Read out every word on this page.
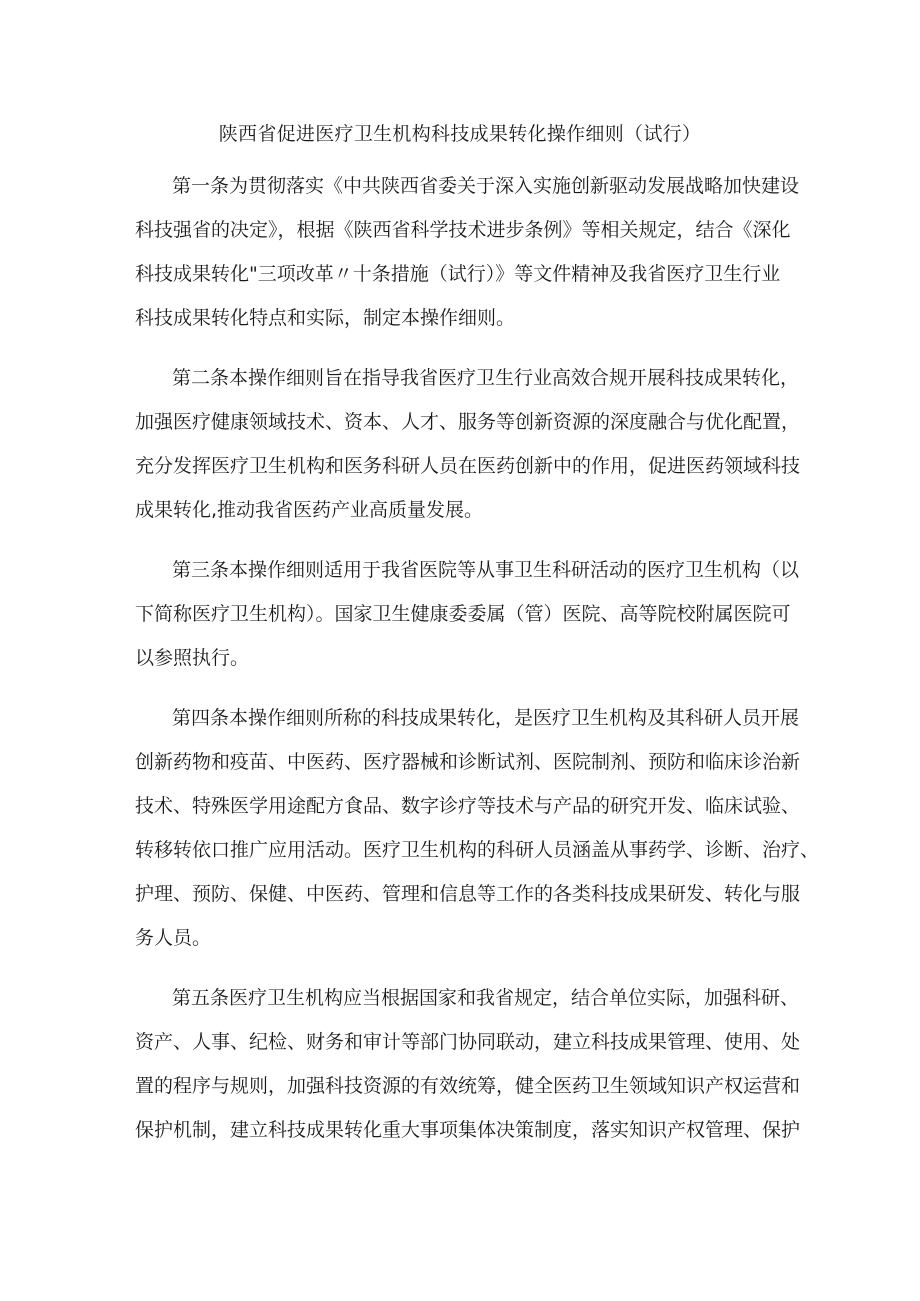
陕西省促进医疗卫生机构科技成果转化操作细则（试行）

第一条为贯彻落实《中共陕西省委关于深入实施创新驱动发展战略加快建设

科技强省的决定》，根据《陕西省科学技术进步条例》等相关规定，结合《深化

科技成果转化"三项改革〃十条措施（试行）》等文件精神及我省医疗卫生行业

科技成果转化特点和实际，制定本操作细则。

第二条本操作细则旨在指导我省医疗卫生行业高效合规开展科技成果转化，

加强医疗健康领域技术、资本、人才、服务等创新资源的深度融合与优化配置，

充分发挥医疗卫生机构和医务科研人员在医药创新中的作用，促进医药领域科技

成果转化,推动我省医药产业高质量发展。

第三条本操作细则适用于我省医院等从事卫生科研活动的医疗卫生机构（以

下简称医疗卫生机构）。国家卫生健康委委属（管）医院、高等院校附属医院可

以参照执行。

第四条本操作细则所称的科技成果转化，是医疗卫生机构及其科研人员开展

创新药物和疫苗、中医药、医疗器械和诊断试剂、医院制剂、预防和临床诊治新

技术、特殊医学用途配方食品、数字诊疗等技术与产品的研究开发、临床试验、

转移转依口推广应用活动。医疗卫生机构的科研人员涵盖从事药学、诊断、治疗、

护理、预防、保健、中医药、管理和信息等工作的各类科技成果研发、转化与服

务人员。

第五条医疗卫生机构应当根据国家和我省规定，结合单位实际，加强科研、

资产、人事、纪检、财务和审计等部门协同联动，建立科技成果管理、使用、处

置的程序与规则，加强科技资源的有效统筹，健全医药卫生领域知识产权运营和

保护机制，建立科技成果转化重大事项集体决策制度，落实知识产权管理、保护
